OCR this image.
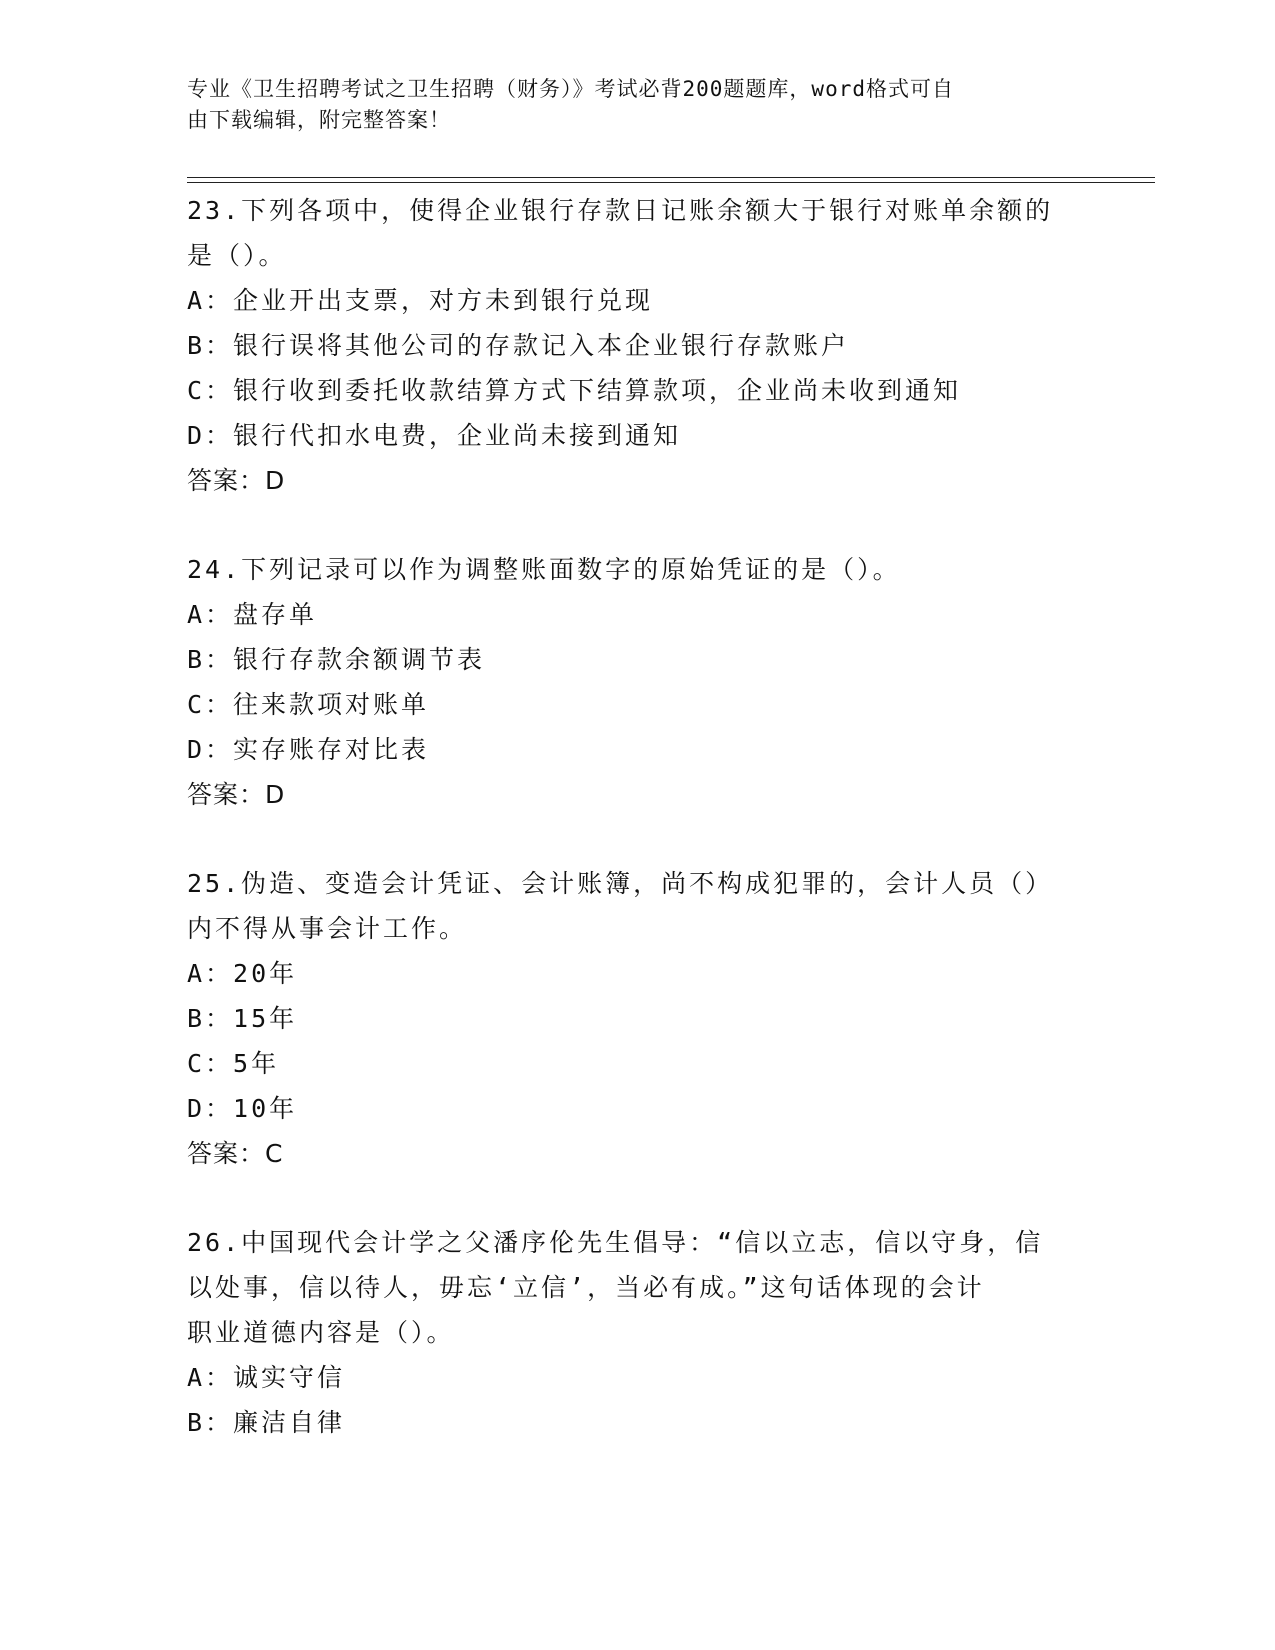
专业《卫生招聘考试之卫生招聘（财务）》考试必背200题题库，word格式可自
由下载编辑，附完整答案！
23.下列各项中，使得企业银行存款日记账余额大于银行对账单余额的
是（）。
A：企业开出支票，对方未到银行兑现
B：银行误将其他公司的存款记入本企业银行存款账户
C：银行收到委托收款结算方式下结算款项，企业尚未收到通知
D：银行代扣水电费，企业尚未接到通知
答案：D
24.下列记录可以作为调整账面数字的原始凭证的是（）。
A：盘存单
B：银行存款余额调节表
C：往来款项对账单
D：实存账存对比表
答案：D
25.伪造、变造会计凭证、会计账簿，尚不构成犯罪的，会计人员（）
内不得从事会计工作。
A：20年
B：15年
C：5年
D：10年
答案：C
26.中国现代会计学之父潘序伦先生倡导：“信以立志，信以守身，信
以处事，信以待人，毋忘‘立信’，当必有成。”这句话体现的会计
职业道德内容是（）。
A：诚实守信
B：廉洁自律
